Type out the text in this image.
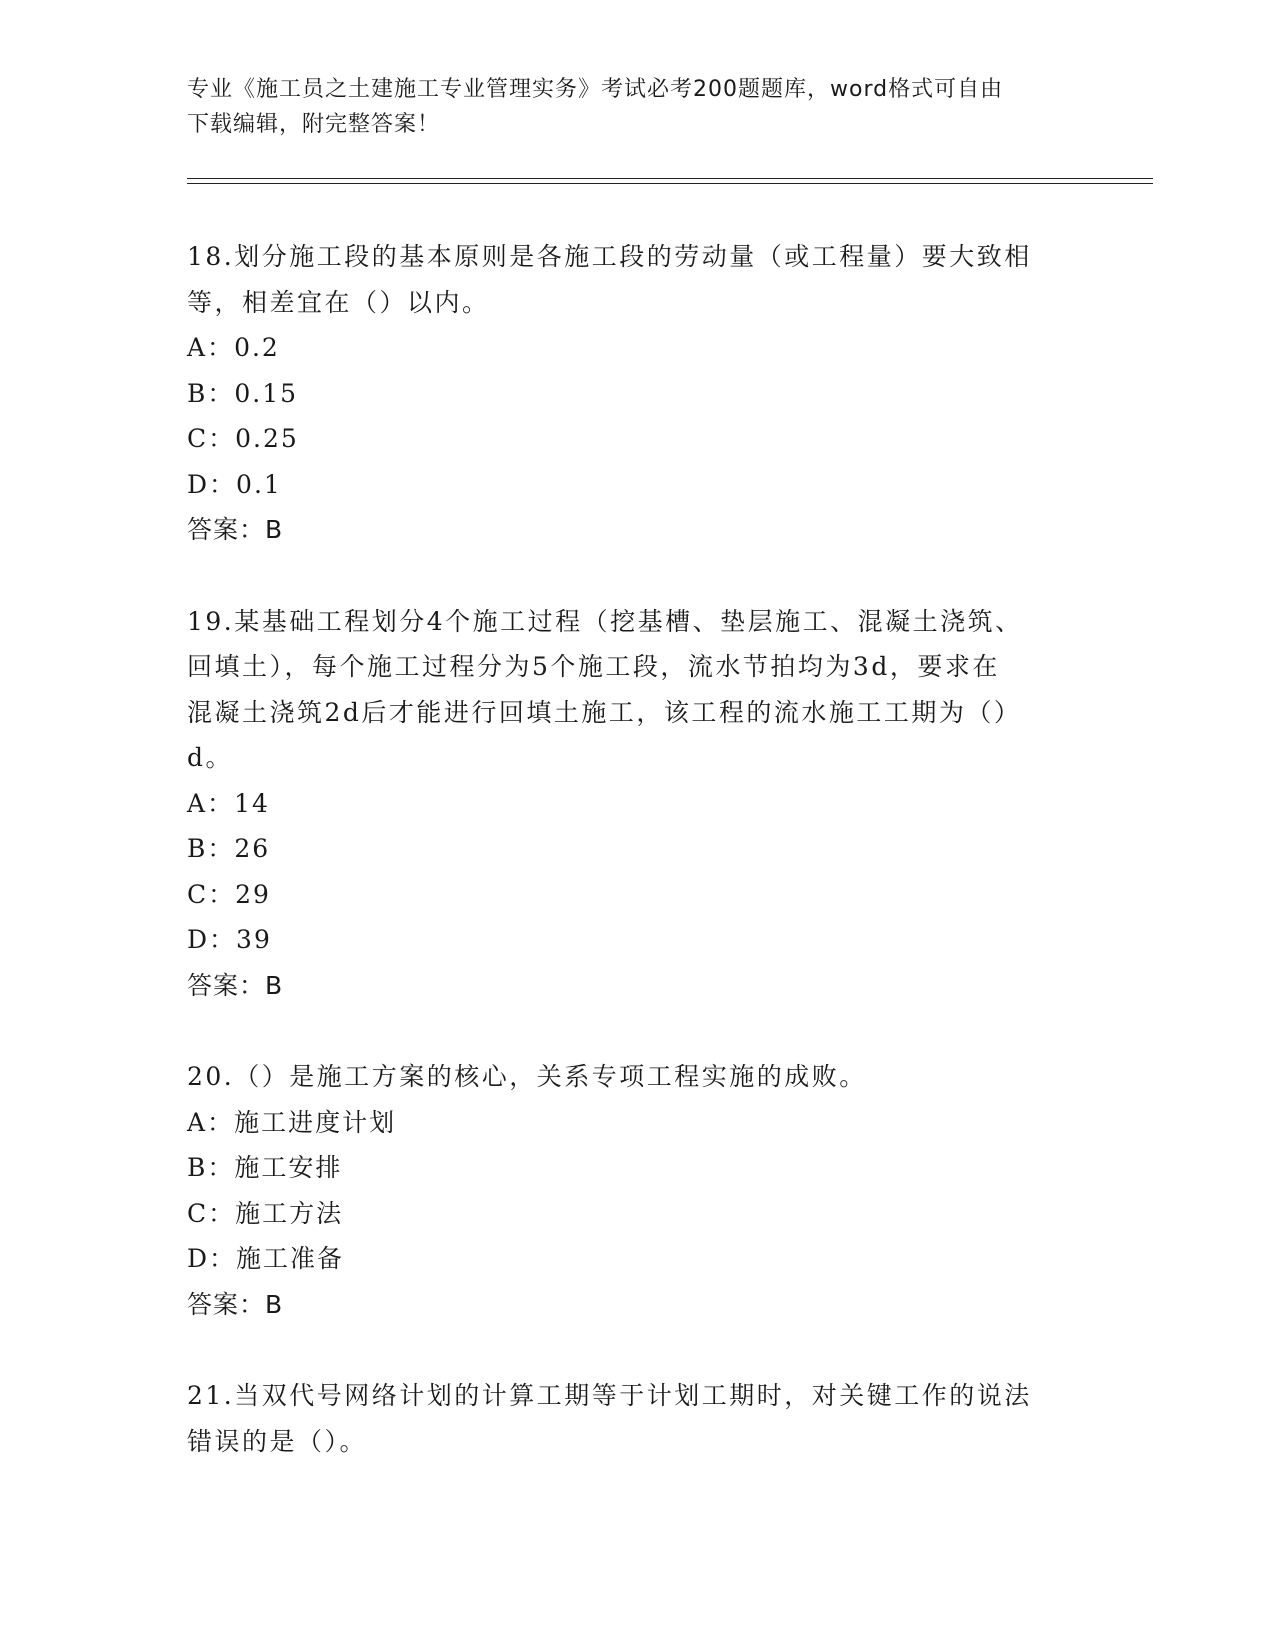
专业《施工员之土建施工专业管理实务》考试必考200题题库，word格式可自由
下载编辑，附完整答案！

18.划分施工段的基本原则是各施工段的劳动量（或工程量）要大致相

等，相差宜在（）以内。

A：0.2

B：0.15

C：0.25

D：0.1

答案：B

19.某基础工程划分4个施工过程（挖基槽、垫层施工、混凝土浇筑、

回填土），每个施工过程分为5个施工段，流水节拍均为3d，要求在

混凝土浇筑2d后才能进行回填土施工，该工程的流水施工工期为（）

d。

A：14

B：26

C：29

D：39

答案：B

20.（）是施工方案的核心，关系专项工程实施的成败。

A：施工进度计划

B：施工安排

C：施工方法

D：施工准备

答案：B

21.当双代号网络计划的计算工期等于计划工期时，对关键工作的说法

错误的是（）。
